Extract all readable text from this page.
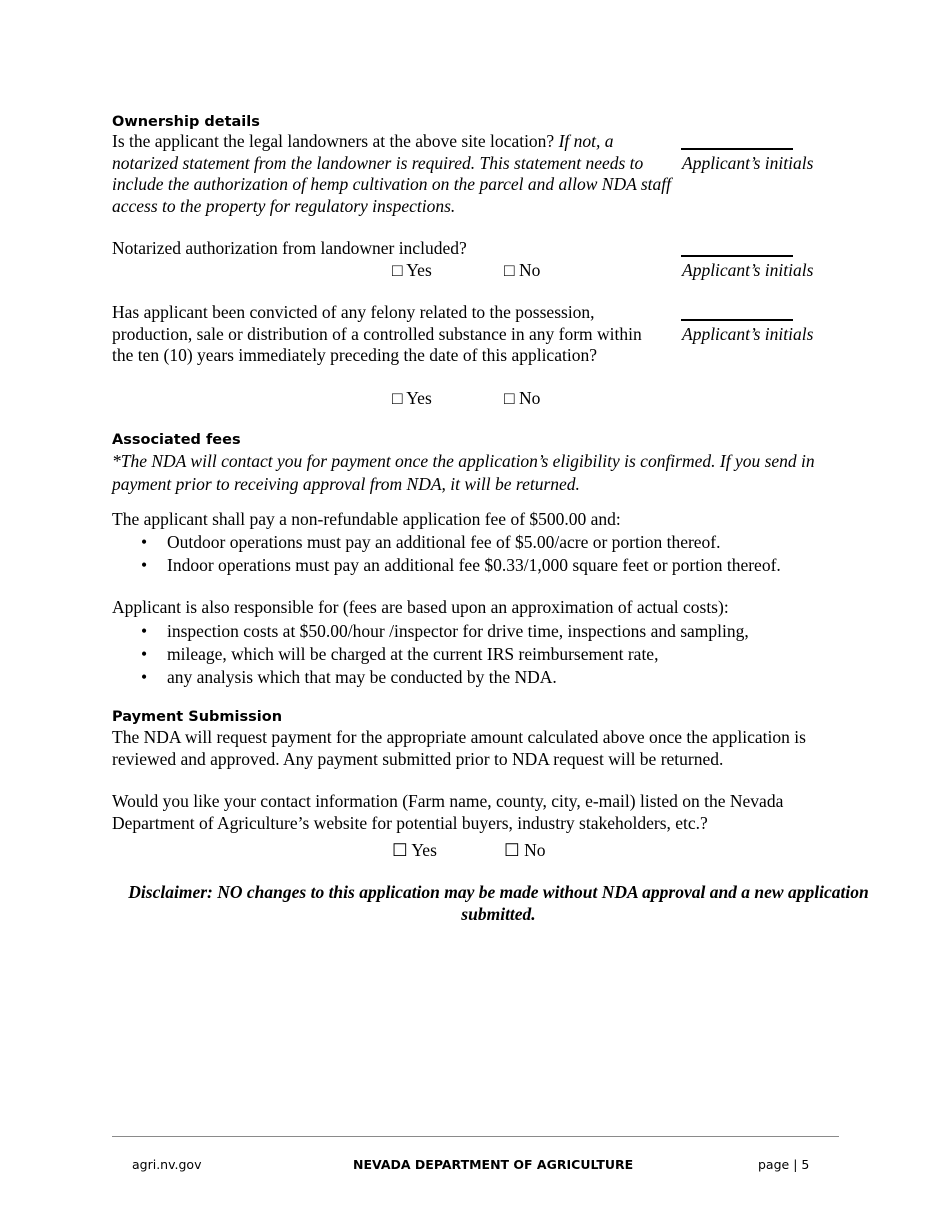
Ownership details

Is the applicant the legal landowners at the above site location? If not, a notarized statement from the landowner is required. This statement needs to include the authorization of hemp cultivation on the parcel and allow NDA staff access to the property for regulatory inspections.

Applicant’s initials

Notarized authorization from landowner included?

Applicant’s initials
□ Yes	□ No

Has applicant been convicted of any felony related to the possession, production, sale or distribution of a controlled substance in any form within the ten (10) years immediately preceding the date of this application?

Applicant’s initials
□ Yes	□ No
Associated fees

*The NDA will contact you for payment once the application’s eligibility is confirmed. If you send in payment prior to receiving approval from NDA, it will be returned.

The applicant shall pay a non-refundable application fee of $500.00 and:

• Outdoor operations must pay an additional fee of $5.00/acre or portion thereof.
• Indoor operations must pay an additional fee $0.33/1,000 square feet or portion thereof.

Applicant is also responsible for (fees are based upon an approximation of actual costs):

• inspection costs at $50.00/hour /inspector for drive time, inspections and sampling,
• mileage, which will be charged at the current IRS reimbursement rate,
• any analysis which that may be conducted by the NDA.
Payment Submission

The NDA will request payment for the appropriate amount calculated above once the application is reviewed and approved. Any payment submitted prior to NDA request will be returned.

Would you like your contact information (Farm name, county, city, e-mail) listed on the Nevada Department of Agriculture’s website for potential buyers, industry stakeholders, etc.?

☐ Yes	☐ No

Disclaimer: NO changes to this application may be made without NDA approval and a new application submitted.

agri.nv.gov	NEVADA DEPARTMENT OF AGRICULTURE	page | 5
